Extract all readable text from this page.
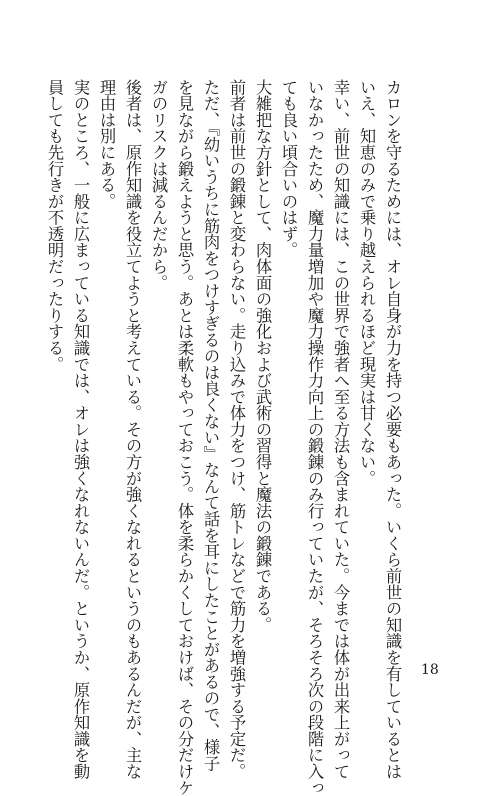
カロンを守るためには、オレ自身が力を持つ必要もあった。いくら前世の知識を有しているとは

いえ、知恵のみで乗り越えられるほど現実は甘くない。

幸い、前世の知識には、この世界で強者へ至る方法も含まれていた。今までは体が出来上がって

いなかったため、魔力量増加や魔力操作力向上の鍛錬のみ行っていたが、そろそろ次の段階に入っ

ても良い頃合いのはず。

大雑把な方針として、肉体面の強化および武術の習得と魔法の鍛錬である。

前者は前世の鍛錬と変わらない。走り込みで体力をつけ、筋トレなどで筋力を増強する予定だ。

ただ、『幼いうちに筋肉をつけすぎるのは良くない』なんて話を耳にしたことがあるので、様子

を見ながら鍛えようと思う。あとは柔軟もやっておこう。体を柔らかくしておけば、その分だけケ

ガのリスクは減るんだから。

後者は、原作知識を役立てようと考えている。その方が強くなれるというのもあるんだが、主な

理由は別にある。

実のところ、一般に広まっている知識では、オレは強くなれないんだ。というか、原作知識を動

員しても先行きが不透明だったりする。

18
